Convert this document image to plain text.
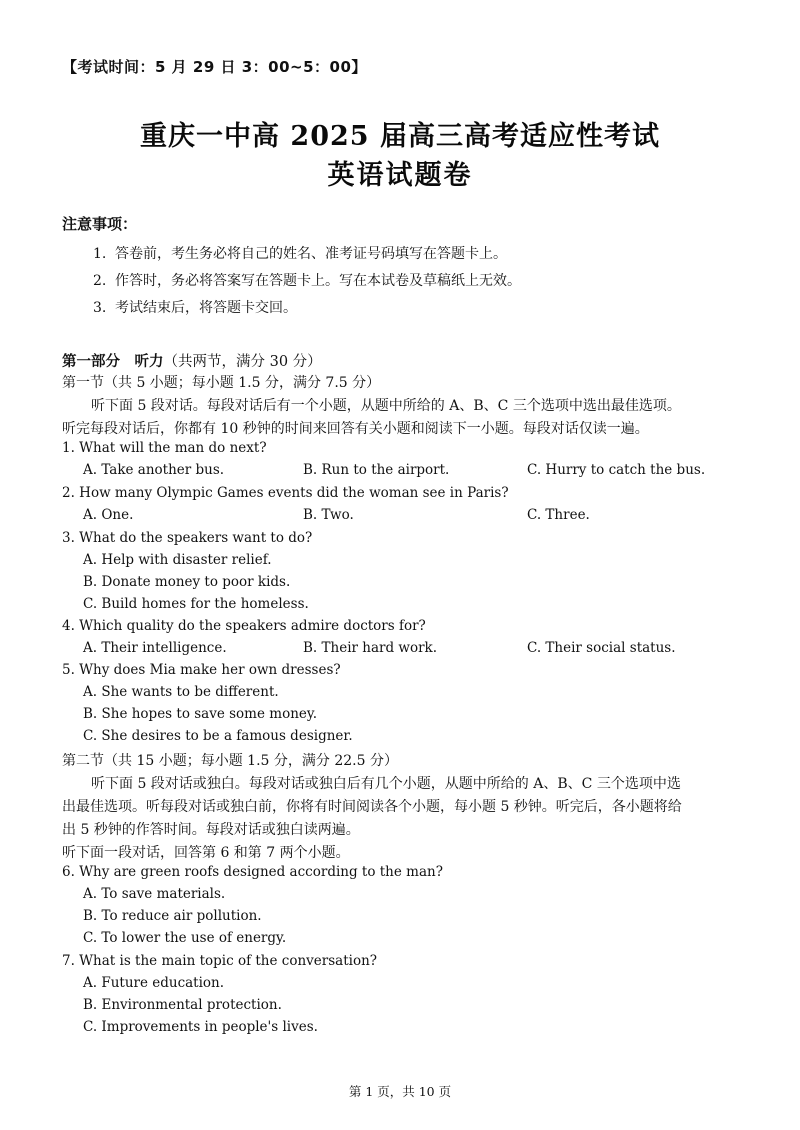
【考试时间：5 月 29 日 3：00~5：00】
重庆一中高 2025 届高三高考适应性考试
英语试题卷
注意事项：
1. 答卷前，考生务必将自己的姓名、准考证号码填写在答题卡上。
2. 作答时，务必将答案写在答题卡上。写在本试卷及草稿纸上无效。
3. 考试结束后，将答题卡交回。
第一部分　听力（共两节，满分 30 分）
第一节（共 5 小题；每小题 1.5 分，满分 7.5 分）
听下面 5 段对话。每段对话后有一个小题，从题中所给的 A、B、C 三个选项中选出最佳选项。
听完每段对话后，你都有 10 秒钟的时间来回答有关小题和阅读下一小题。每段对话仅读一遍。
1. What will the man do next?
A. Take another bus.	B. Run to the airport.	C. Hurry to catch the bus.
2. How many Olympic Games events did the woman see in Paris?
A. One.	B. Two.	C. Three.
3. What do the speakers want to do?
A. Help with disaster relief.
B. Donate money to poor kids.
C. Build homes for the homeless.
4. Which quality do the speakers admire doctors for?
A. Their intelligence.	B. Their hard work.	C. Their social status.
5. Why does Mia make her own dresses?
A. She wants to be different.
B. She hopes to save some money.
C. She desires to be a famous designer.
第二节（共 15 小题；每小题 1.5 分，满分 22.5 分）
听下面 5 段对话或独白。每段对话或独白后有几个小题，从题中所给的 A、B、C 三个选项中选
出最佳选项。听每段对话或独白前，你将有时间阅读各个小题，每小题 5 秒钟。听完后，各小题将给
出 5 秒钟的作答时间。每段对话或独白读两遍。
听下面一段对话，回答第 6 和第 7 两个小题。
6. Why are green roofs designed according to the man?
A. To save materials.
B. To reduce air pollution.
C. To lower the use of energy.
7. What is the main topic of the conversation?
A. Future education.
B. Environmental protection.
C. Improvements in people's lives.
第 1 页，共 10 页
